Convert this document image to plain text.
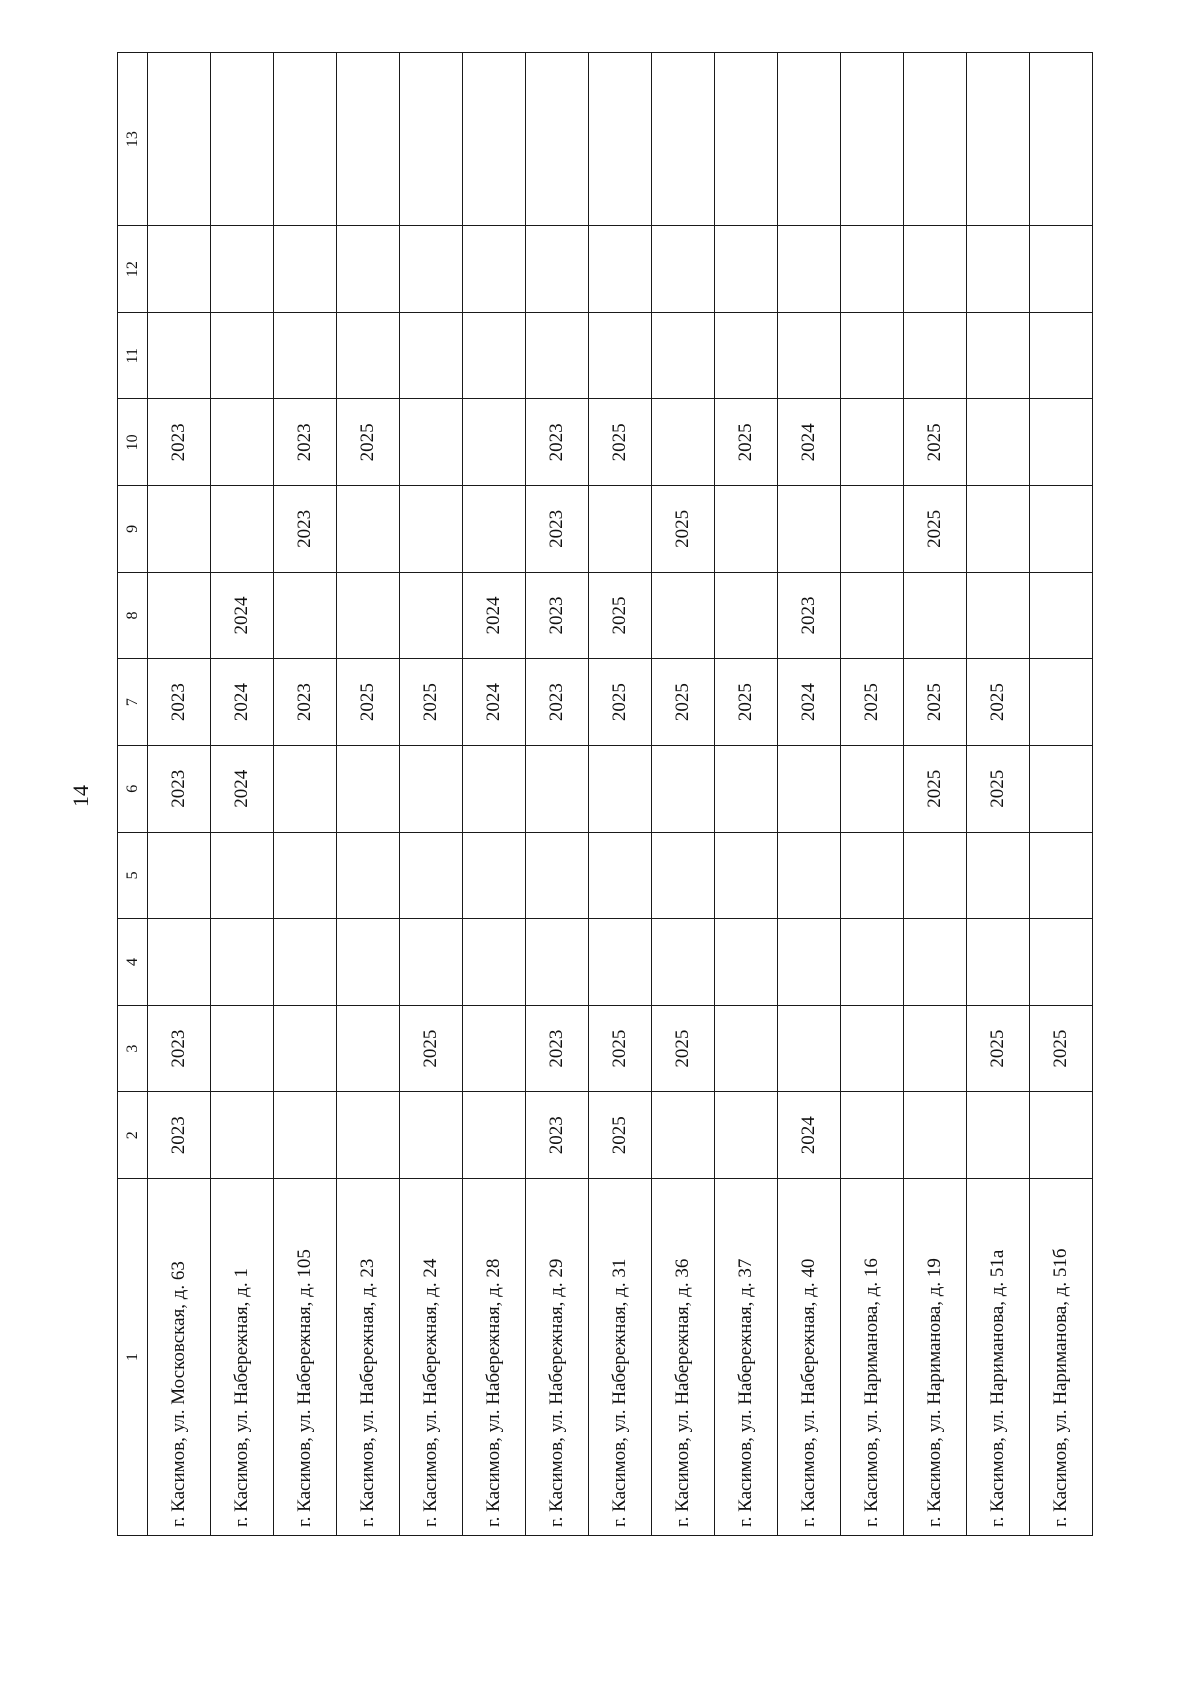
14
1	2	3	4	5	6	7	8	9	10	11	12	13
г. Касимов, ул. Московская, д. 63	2023	2023			2023	2023			2023			
г. Касимов, ул. Набережная, д. 1					2024	2024	2024					
г. Касимов, ул. Набережная, д. 105						2023		2023	2023			
г. Касимов, ул. Набережная, д. 23						2025			2025			
г. Касимов, ул. Набережная, д. 24		2025				2025						
г. Касимов, ул. Набережная, д. 28						2024	2024					
г. Касимов, ул. Набережная, д. 29	2023	2023				2023	2023	2023	2023			
г. Касимов, ул. Набережная, д. 31	2025	2025				2025	2025		2025			
г. Касимов, ул. Набережная, д. 36		2025				2025		2025				
г. Касимов, ул. Набережная, д. 37						2025			2025			
г. Касимов, ул. Набережная, д. 40	2024					2024	2023		2024			
г. Касимов, ул. Нариманова, д. 16						2025						
г. Касимов, ул. Нариманова, д. 19					2025	2025		2025	2025			
г. Касимов, ул. Нариманова, д. 51а		2025			2025	2025						
г. Касимов, ул. Нариманова, д. 51б		2025										
